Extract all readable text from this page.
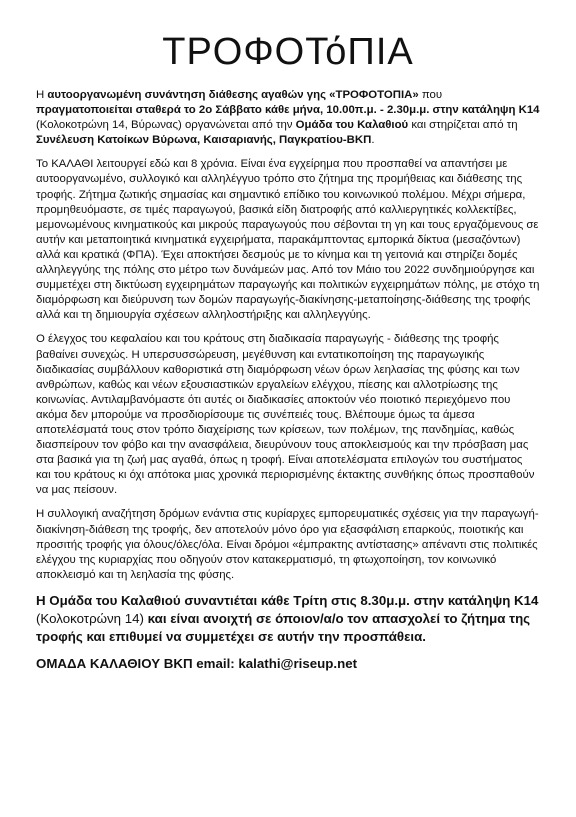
ΤΡΟΦΟΤόΠΙΑ

Η αυτοοργανωμένη συνάντηση διάθεσης αγαθών γης «ΤΡΟΦΟΤΟΠΙΑ» που πραγματοποιείται σταθερά το 2ο Σάββατο κάθε μήνα, 10.00π.μ. - 2.30μ.μ. στην κατάληψη Κ14 (Κολοκοτρώνη 14, Βύρωνας) οργανώνεται από την Ομάδα του Καλαθιού και στηρίζεται από τη Συνέλευση Κατοίκων Βύρωνα, Καισαριανής, Παγκρατίου-ΒΚΠ.

Το ΚΑΛΑΘΙ λειτουργεί εδώ και 8 χρόνια. Είναι ένα εγχείρημα που προσπαθεί να απαντήσει με αυτοοργανωμένο, συλλογικό και αλληλέγγυο τρόπο στο ζήτημα της προμήθειας και διάθεσης της τροφής. Ζήτημα ζωτικής σημασίας και σημαντικό επίδικο του κοινωνικού πολέμου. Μέχρι σήμερα, προμηθευόμαστε, σε τιμές παραγωγού, βασικά είδη διατροφής από καλλιεργητικές κολλεκτίβες, μεμονωμένους κινηματικούς και μικρούς παραγωγούς που σέβονται τη γη και τους εργαζόμενους σε αυτήν και μεταποιητικά κινηματικά εγχειρήματα, παρακάμπτοντας εμπορικά δίκτυα (μεσαζόντων) αλλά και κρατικά (ΦΠΑ). Έχει αποκτήσει δεσμούς με το κίνημα και τη γειτονιά και στηρίζει δομές αλληλεγγύης της πόλης στο μέτρο των δυνάμεών μας. Από τον Μάιο του 2022 συνδημιούργησε και συμμετέχει στη δικτύωση εγχειρημάτων παραγωγής και πολιτικών εγχειρημάτων πόλης, με στόχο τη διαμόρφωση και διεύρυνση των δομών παραγωγής-διακίνησης-μεταποίησης-διάθεσης της τροφής αλλά και τη δημιουργία σχέσεων αλληλοστήριξης και αλληλεγγύης.

Ο έλεγχος του κεφαλαίου και του κράτους στη διαδικασία παραγωγής - διάθεσης της τροφής βαθαίνει συνεχώς. Η υπερσυσσώρευση, μεγέθυνση και εντατικοποίηση της παραγωγικής διαδικασίας συμβάλλουν καθοριστικά στη διαμόρφωση νέων όρων λεηλασίας της φύσης και των ανθρώπων, καθώς και νέων εξουσιαστικών εργαλείων ελέγχου, πίεσης και αλλοτρίωσης της κοινωνίας. Αντιλαμβανόμαστε ότι αυτές οι διαδικασίες αποκτούν νέο ποιοτικό περιεχόμενο που ακόμα δεν μπορούμε να προσδιορίσουμε τις συνέπειές τους. Βλέπουμε όμως τα άμεσα αποτελέσματά τους στον τρόπο διαχείρισης των κρίσεων, των πολέμων, της πανδημίας, καθώς διασπείρουν τον φόβο και την ανασφάλεια, διευρύνουν τους αποκλεισμούς και την πρόσβαση μας στα βασικά για τη ζωή μας αγαθά, όπως η τροφή. Είναι αποτελέσματα επιλογών του συστήματος και του κράτους κι όχι απότοκα μιας χρονικά περιορισμένης έκτακτης συνθήκης όπως προσπαθούν να μας πείσουν.

Η συλλογική αναζήτηση δρόμων ενάντια στις κυρίαρχες εμπορευματικές σχέσεις για την παραγωγή-διακίνηση-διάθεση της τροφής, δεν αποτελούν μόνο όρο για εξασφάλιση επαρκούς, ποιοτικής και προσιτής τροφής για όλους/όλες/όλα. Είναι δρόμοι «έμπρακτης αντίστασης» απέναντι στις πολιτικές ελέγχου της κυριαρχίας που οδηγούν στον κατακερματισμό, τη φτωχοποίηση, τον κοινωνικό αποκλεισμό και τη λεηλασία της φύσης.

Η Ομάδα του Καλαθιού συναντιέται κάθε Τρίτη στις 8.30μ.μ. στην κατάληψη Κ14 (Κολοκοτρώνη 14) και είναι ανοιχτή σε όποιον/α/ο τον απασχολεί το ζήτημα της τροφής και επιθυμεί να συμμετέχει σε αυτήν την προσπάθεια.

ΟΜΑΔΑ ΚΑΛΑΘΙΟΥ ΒΚΠ email: kalathi@riseup.net
